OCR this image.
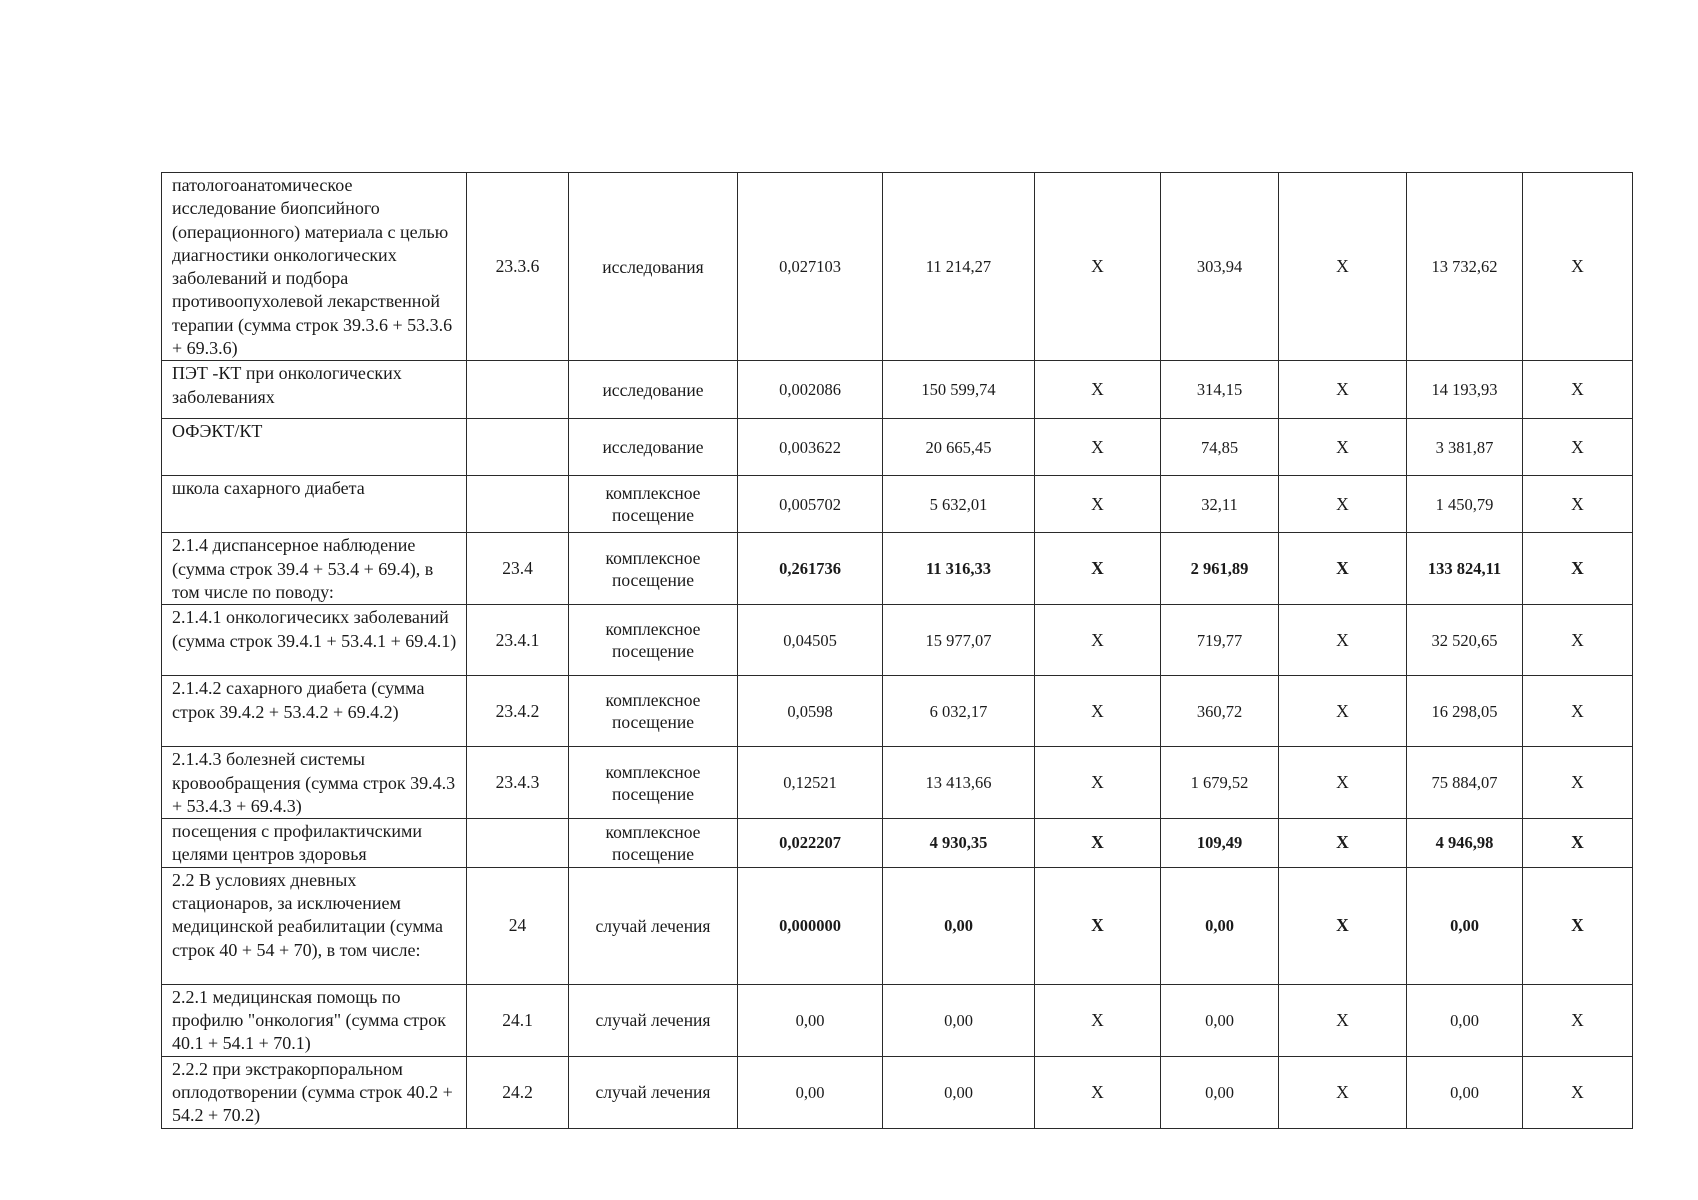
патологоанатомическое исследование биопсийного (операционного) материала с целью диагностики онкологических заболеваний и подбора противоопухолевой лекарственной терапии (сумма строк 39.3.6 + 53.3.6 + 69.3.6)	23.3.6	исследования	0,027103	11 214,27	X	303,94	X	13 732,62	X
ПЭТ -КТ при онкологических заболеваниях		исследование	0,002086	150 599,74	X	314,15	X	14 193,93	X
ОФЭКТ/КТ		исследование	0,003622	20 665,45	X	74,85	X	3 381,87	X
школа сахарного диабета		комплексное посещение	0,005702	5 632,01	X	32,11	X	1 450,79	X
2.1.4 диспансерное наблюдение (сумма строк 39.4 + 53.4 + 69.4), в том числе по поводу:	23.4	комплексное посещение	0,261736	11 316,33	X	2 961,89	X	133 824,11	X
2.1.4.1 онкологичесикх заболеваний (сумма строк 39.4.1 + 53.4.1 + 69.4.1)	23.4.1	комплексное посещение	0,04505	15 977,07	X	719,77	X	32 520,65	X
2.1.4.2 сахарного диабета (сумма строк 39.4.2 + 53.4.2 + 69.4.2)	23.4.2	комплексное посещение	0,0598	6 032,17	X	360,72	X	16 298,05	X
2.1.4.3 болезней системы кровообращения (сумма строк 39.4.3 + 53.4.3 + 69.4.3)	23.4.3	комплексное посещение	0,12521	13 413,66	X	1 679,52	X	75 884,07	X
посещения с профилактичскими целями центров здоровья		комплексное посещение	0,022207	4 930,35	X	109,49	X	4 946,98	X
2.2 В условиях дневных стационаров, за исключением медицинской реабилитации (сумма строк 40 + 54 + 70), в том числе:	24	случай лечения	0,000000	0,00	X	0,00	X	0,00	X
2.2.1 медицинская помощь по профилю "онкология" (сумма строк 40.1 + 54.1 + 70.1)	24.1	случай лечения	0,00	0,00	X	0,00	X	0,00	X
2.2.2 при экстракорпоральном оплодотворении (сумма строк 40.2 + 54.2 + 70.2)	24.2	случай лечения	0,00	0,00	X	0,00	X	0,00	X
